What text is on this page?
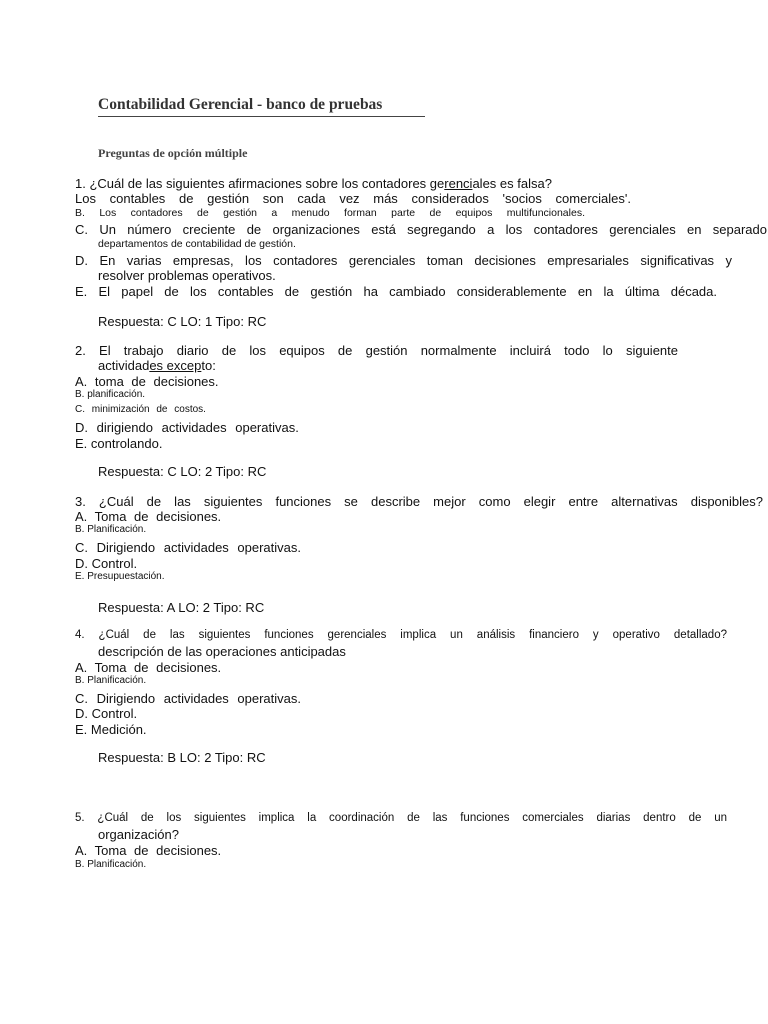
Contabilidad Gerencial - banco de pruebas
Preguntas de opción múltiple
1. ¿Cuál de las siguientes afirmaciones sobre los contadores gerenciales es falsa?
Los contables de gestión son cada vez más considerados 'socios comerciales'.
B. Los contadores de gestión a menudo forman parte de equipos multifuncionales.
C. Un número creciente de organizaciones está segregando a los contadores gerenciales en separado
departamentos de contabilidad de gestión.
D. En varias empresas, los contadores gerenciales toman decisiones empresariales significativas y
resolver problemas operativos.
E. El papel de los contables de gestión ha cambiado considerablemente en la última década.
Respuesta: C LO: 1 Tipo: RC
2. El trabajo diario de los equipos de gestión normalmente incluirá todo lo siguiente
actividades excepto:
A. toma de decisiones.
B. planificación.
C. minimización de costos.
D. dirigiendo actividades operativas.
E. controlando.
Respuesta: C LO: 2 Tipo: RC
3. ¿Cuál de las siguientes funciones se describe mejor como elegir entre alternativas disponibles?
A. Toma de decisiones.
B. Planificación.
C. Dirigiendo actividades operativas.
D. Control.
E. Presupuestación.
Respuesta: A LO: 2 Tipo: RC
4. ¿Cuál de las siguientes funciones gerenciales implica un análisis financiero y operativo detallado?
descripción de las operaciones anticipadas
A. Toma de decisiones.
B. Planificación.
C. Dirigiendo actividades operativas.
D. Control.
E. Medición.
Respuesta: B LO: 2 Tipo: RC
5. ¿Cuál de los siguientes implica la coordinación de las funciones comerciales diarias dentro de un
organización?
A. Toma de decisiones.
B. Planificación.
